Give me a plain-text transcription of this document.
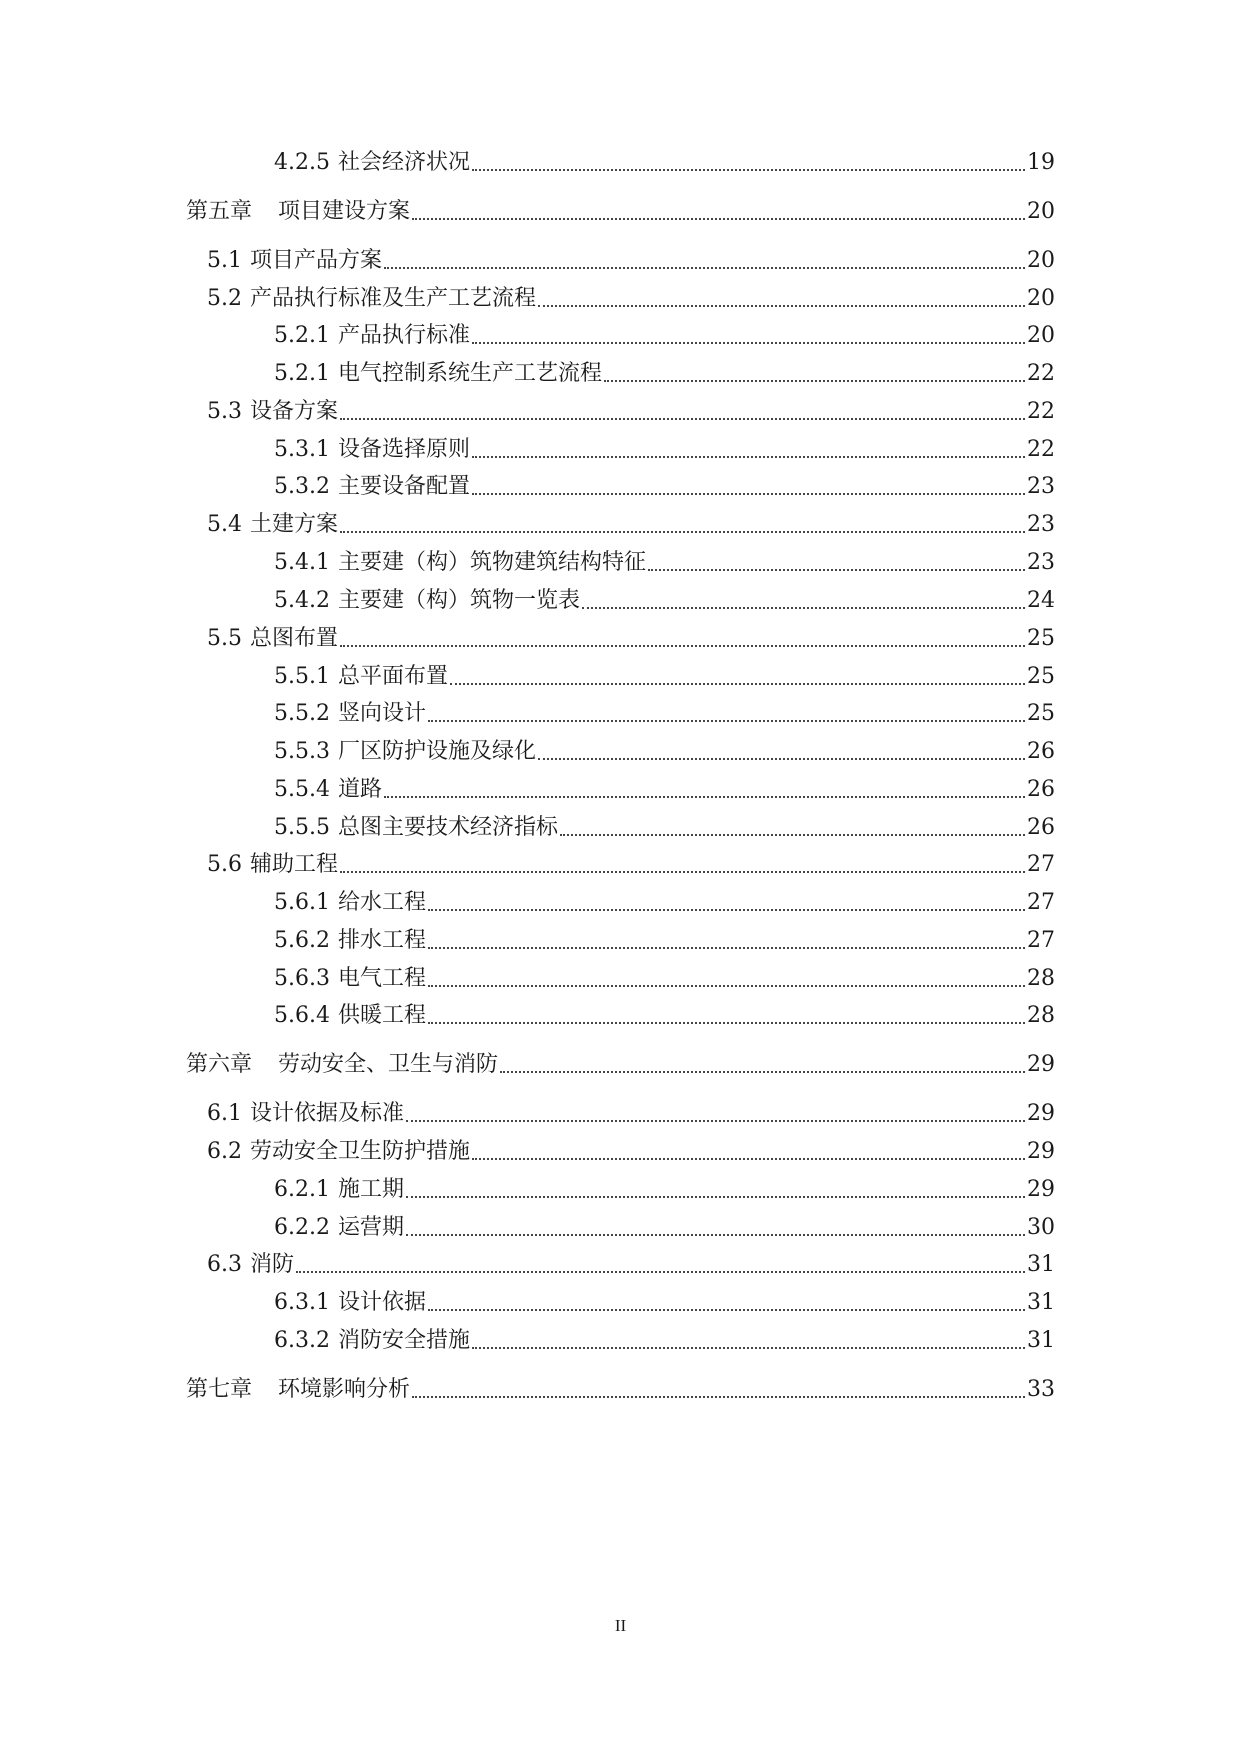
4.2.5 社会经济状况	19
第五章 项目建设方案	20
5.1 项目产品方案	20
5.2 产品执行标准及生产工艺流程	20
5.2.1 产品执行标准	20
5.2.1 电气控制系统生产工艺流程	22
5.3 设备方案	22
5.3.1 设备选择原则	22
5.3.2 主要设备配置	23
5.4 土建方案	23
5.4.1 主要建（构）筑物建筑结构特征	23
5.4.2 主要建（构）筑物一览表	24
5.5 总图布置	25
5.5.1 总平面布置	25
5.5.2 竖向设计	25
5.5.3 厂区防护设施及绿化	26
5.5.4 道路	26
5.5.5 总图主要技术经济指标	26
5.6 辅助工程	27
5.6.1 给水工程	27
5.6.2 排水工程	27
5.6.3 电气工程	28
5.6.4 供暖工程	28
第六章 劳动安全、卫生与消防	29
6.1 设计依据及标准	29
6.2 劳动安全卫生防护措施	29
6.2.1 施工期	29
6.2.2 运营期	30
6.3 消防	31
6.3.1 设计依据	31
6.3.2 消防安全措施	31
第七章 环境影响分析	33
II
